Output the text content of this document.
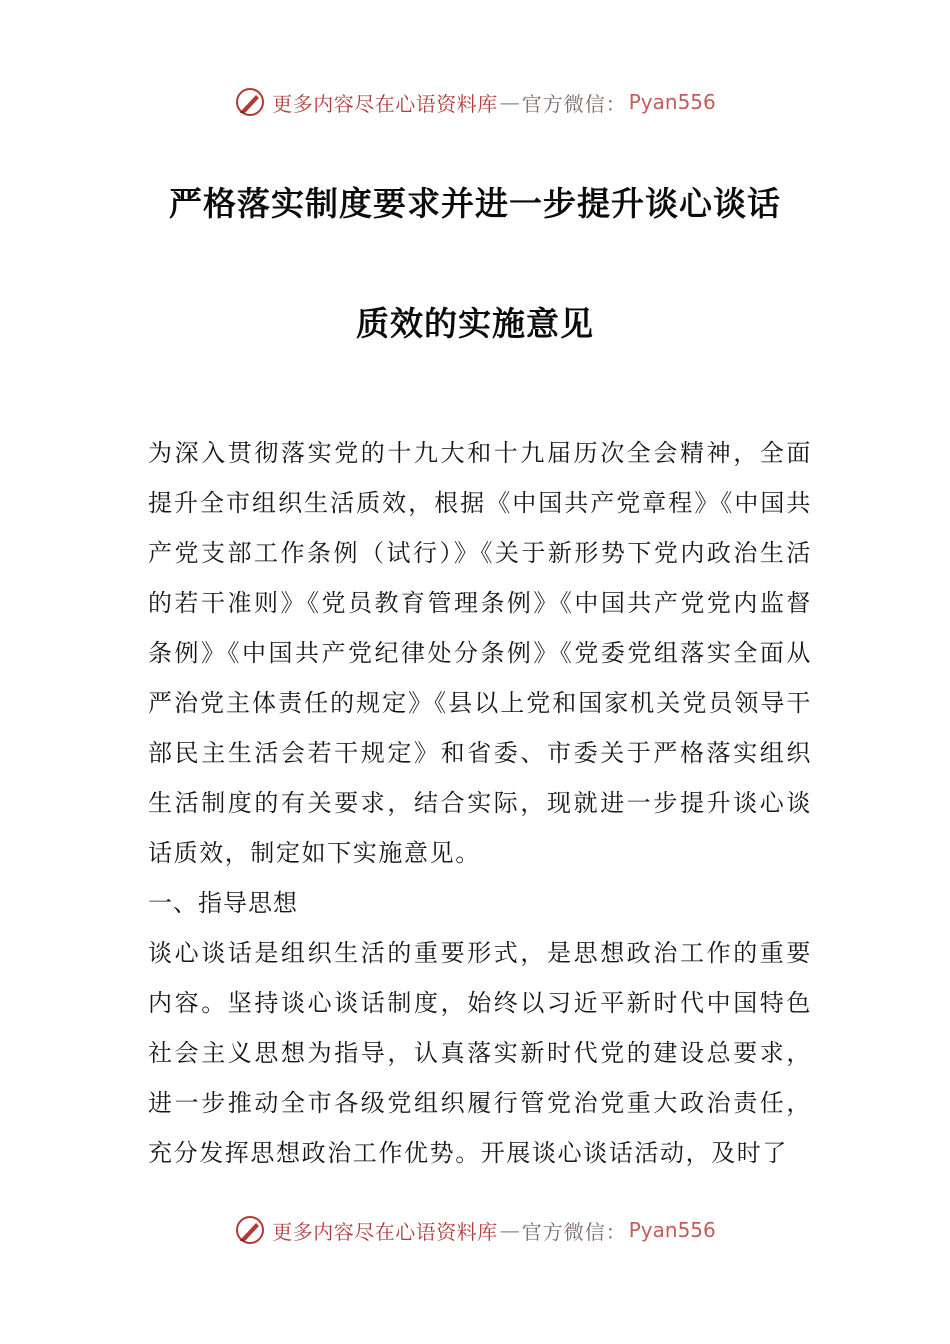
更多内容尽在心语资料库 — 官方微信： Pyan556
严格落实制度要求并进一步提升谈心谈话
质效的实施意见

为深入贯彻落实党的十九大和十九届历次全会精神，全面提升全市组织生活质效，根据《中国共产党章程》《中国共产党支部工作条例（试行）》《关于新形势下党内政治生活的若干准则》《党员教育管理条例》《中国共产党党内监督条例》《中国共产党纪律处分条例》《党委党组落实全面从严治党主体责任的规定》《县以上党和国家机关党员领导干部民主生活会若干规定》和省委、市委关于严格落实组织生活制度的有关要求，结合实际，现就进一步提升谈心谈话质效，制定如下实施意见。

一、指导思想

谈心谈话是组织生活的重要形式，是思想政治工作的重要内容。坚持谈心谈话制度，始终以习近平新时代中国特色社会主义思想为指导，认真落实新时代党的建设总要求，进一步推动全市各级党组织履行管党治党重大政治责任，充分发挥思想政治工作优势。开展谈心谈话活动，及时了

更多内容尽在心语资料库 — 官方微信： Pyan556
